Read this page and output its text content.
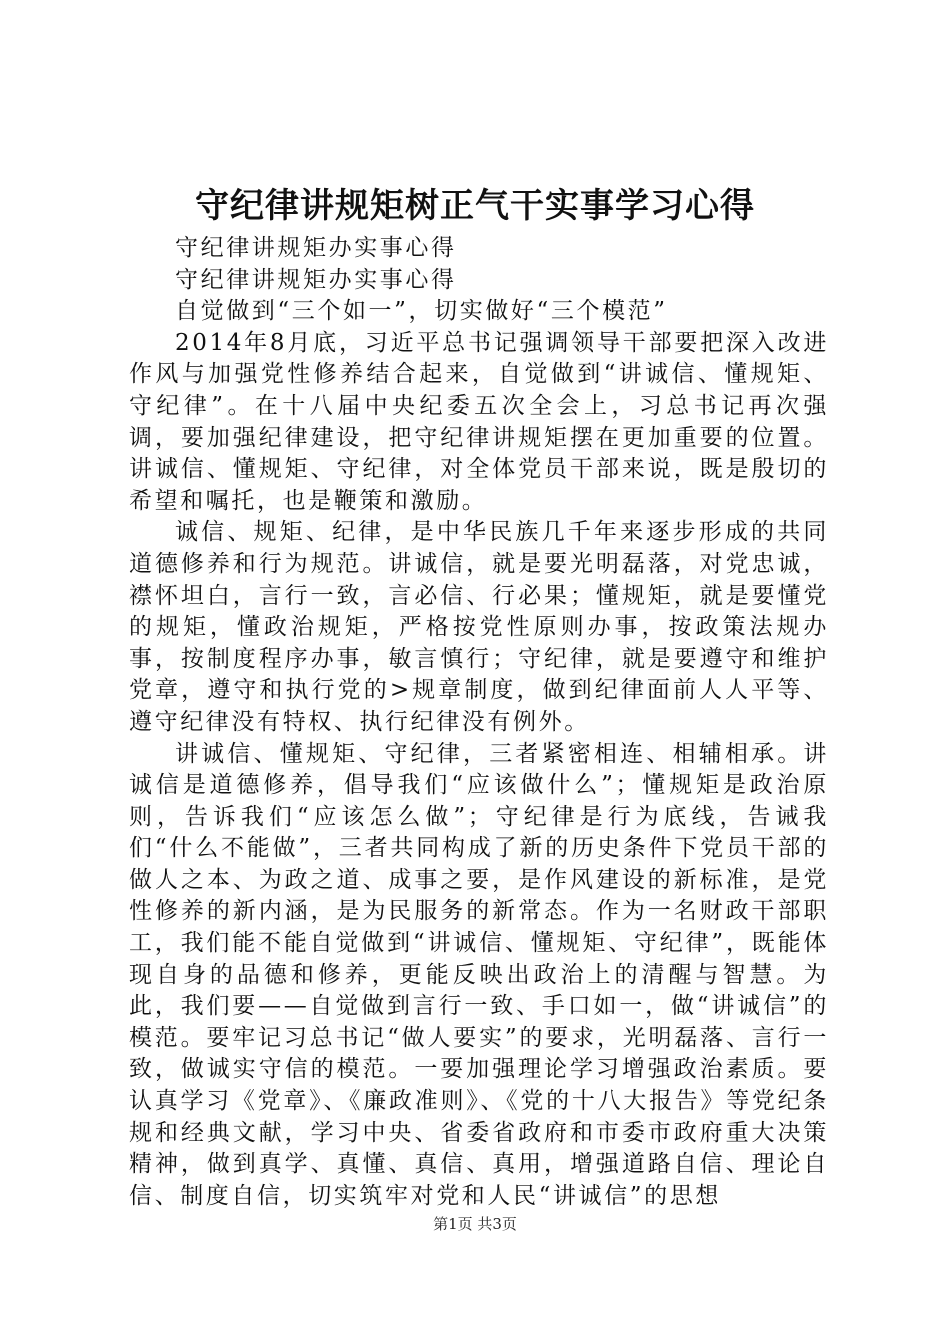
守纪律讲规矩树正气干实事学习心得

守纪律讲规矩办实事心得

守纪律讲规矩办实事心得

自觉做到“三个如一”，切实做好“三个模范”

2014年8月底，习近平总书记强调领导干部要把深入改进作风与加强党性修养结合起来，自觉做到“讲诚信、懂规矩、守纪律”。在十八届中央纪委五次全会上，习总书记再次强调，要加强纪律建设，把守纪律讲规矩摆在更加重要的位置。讲诚信、懂规矩、守纪律，对全体党员干部来说，既是殷切的希望和嘱托，也是鞭策和激励。

诚信、规矩、纪律，是中华民族几千年来逐步形成的共同道德修养和行为规范。讲诚信，就是要光明磊落，对党忠诚，襟怀坦白，言行一致，言必信、行必果；懂规矩，就是要懂党的规矩，懂政治规矩，严格按党性原则办事，按政策法规办事，按制度程序办事，敏言慎行；守纪律，就是要遵守和维护党章，遵守和执行党的>规章制度，做到纪律面前人人平等、遵守纪律没有特权、执行纪律没有例外。

讲诚信、懂规矩、守纪律，三者紧密相连、相辅相承。讲诚信是道德修养，倡导我们“应该做什么”；懂规矩是政治原则，告诉我们“应该怎么做”；守纪律是行为底线，告诫我们“什么不能做”，三者共同构成了新的历史条件下党员干部的做人之本、为政之道、成事之要，是作风建设的新标准，是党性修养的新内涵，是为民服务的新常态。作为一名财政干部职工，我们能不能自觉做到“讲诚信、懂规矩、守纪律”，既能体现自身的品德和修养，更能反映出政治上的清醒与智慧。为此，我们要——自觉做到言行一致、手口如一，做“讲诚信”的模范。要牢记习总书记“做人要实”的要求，光明磊落、言行一致，做诚实守信的模范。一要加强理论学习增强政治素质。要认真学习《党章》、《廉政准则》、《党的十八大报告》等党纪条规和经典文献，学习中央、省委省政府和市委市政府重大决策精神，做到真学、真懂、真信、真用，增强道路自信、理论自信、制度自信，切实筑牢对党和人民“讲诚信”的思想

第1页 共3页
